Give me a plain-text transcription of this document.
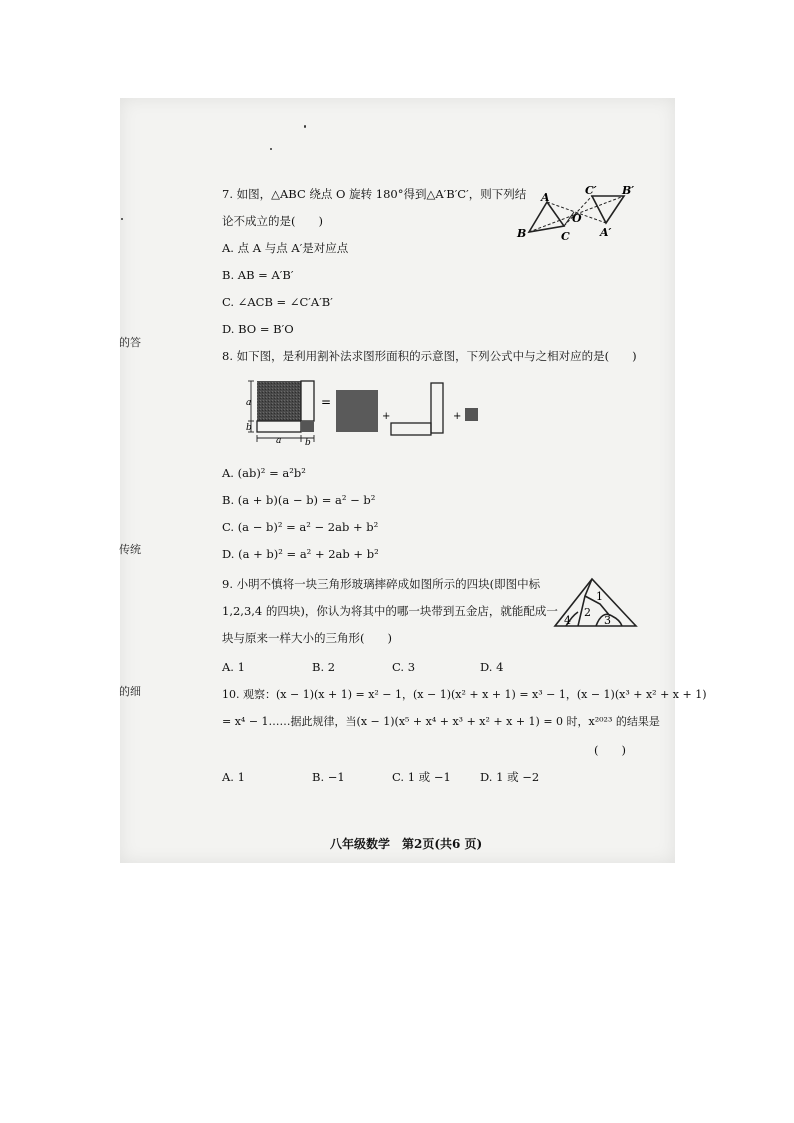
的答
传统
的细
7. 如图，△ABC 绕点 O 旋转 180°得到△A′B′C′，则下列结
论不成立的是(　　)
A. 点 A 与点 A′是对应点
B. AB = A′B′
C. ∠ACB = ∠C′A′B′
D. BO = B′O
A
B	C
O
A′
B′
C′
8. 如下图，是利用割补法求图形面积的示意图，下列公式中与之相对应的是(　　)
a
b
a	b
=
+	+
A. (ab)² = a²b²
B. (a + b)(a − b) = a² − b²
C. (a − b)² = a² − 2ab + b²
D. (a + b)² = a² + 2ab + b²
9. 小明不慎将一块三角形玻璃摔碎成如图所示的四块(即图中标
1,2,3,4 的四块)，你认为将其中的哪一块带到五金店，就能配成一
块与原来一样大小的三角形(　　)
1
2
3
4
A. 1	B. 2	C. 3	D. 4
10. 观察：(x − 1)(x + 1) = x² − 1，(x − 1)(x² + x + 1) = x³ − 1，(x − 1)(x³ + x² + x + 1)
= x⁴ − 1……据此规律，当(x − 1)(x⁵ + x⁴ + x³ + x² + x + 1) = 0 时，x²⁰²³ 的结果是
(　　)
A. 1	B. −1	C. 1 或 −1	D. 1 或 −2
八年级数学　第2页(共6 页)
